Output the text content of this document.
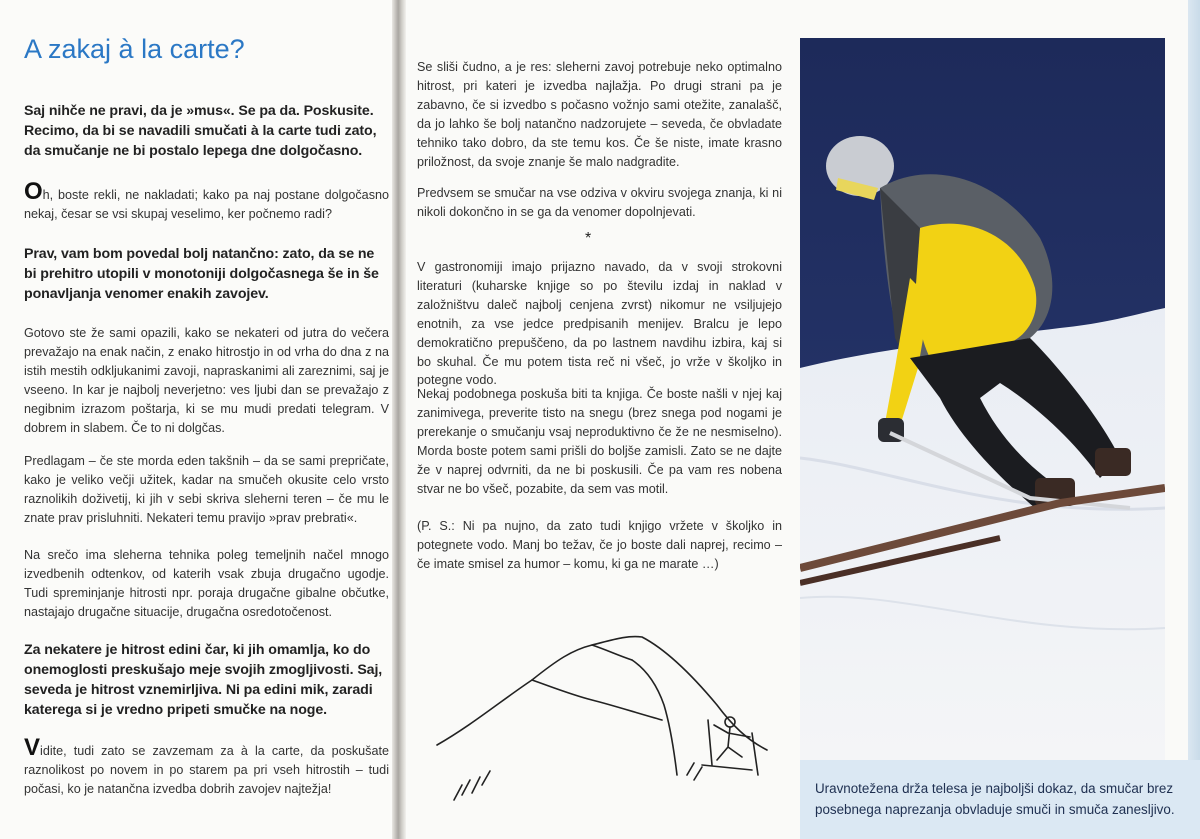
A zakaj à la carte?

Saj nihče ne pravi, da je »mus«. Se pa da. Poskusite. Recimo, da bi se navadili smučati à la carte tudi zato, da smučanje ne bi postalo lepega dne dolgočasno.

Oh, boste rekli, ne nakladati; kako pa naj postane dolgočasno nekaj, česar se vsi skupaj veselimo, ker počnemo radi?

Prav, vam bom povedal bolj natančno: zato, da se ne bi prehitro utopili v monotoniji dolgočasnega še in še ponavljanja venomer enakih zavojev.

Gotovo ste že sami opazili, kako se nekateri od jutra do večera prevažajo na enak način, z enako hitrostjo in od vrha do dna z na istih mestih odkljukanimi zavoji, napraskanimi ali zareznimi, saj je vseeno. In kar je najbolj neverjetno: ves ljubi dan se prevažajo z negibnim izrazom poštarja, ki se mu mudi predati telegram. V dobrem in slabem. Če to ni dolgčas.

Predlagam – če ste morda eden takšnih – da se sami prepričate, kako je veliko večji užitek, kadar na smučeh okusite celo vrsto raznolikih doživetij, ki jih v sebi skriva sleherni teren – če mu le znate prav prisluhniti. Nekateri temu pravijo »prav prebrati«.

Na srečo ima sleherna tehnika poleg temeljnih načel mnogo izvedbenih odtenkov, od katerih vsak zbuja drugačno ugodje. Tudi spreminjanje hitrosti npr. poraja drugačne gibalne občutke, nastajajo drugačne situacije, drugačna osredotočenost.

Za nekatere je hitrost edini čar, ki jih omamlja, ko do onemoglosti preskušajo meje svojih zmogljivosti. Saj, seveda je hitrost vznemirljiva. Ni pa edini mik, zaradi katerega si je vredno pripeti smučke na noge.

Vidite, tudi zato se zavzemam za à la carte, da poskušate raznolikost po novem in po starem pa pri vseh hitrostih – tudi počasi, ko je natančna izvedba dobrih zavojev najtežja!

Se sliši čudno, a je res: sleherni zavoj potrebuje neko optimalno hitrost, pri kateri je izvedba najlažja. Po drugi strani pa je zabavno, če si izvedbo s počasno vožnjo sami otežite, zanalašč, da jo lahko še bolj natančno nadzorujete – seveda, če obvladate tehniko tako dobro, da ste temu kos. Če še niste, imate krasno priložnost, da svoje znanje še malo nadgradite.

Predvsem se smučar na vse odziva v okviru svojega znanja, ki ni nikoli dokončno in se ga da venomer dopolnjevati.

*

V gastronomiji imajo prijazno navado, da v svoji strokovni literaturi (kuharske knjige so po številu izdaj in naklad v založništvu daleč najbolj cenjena zvrst) nikomur ne vsiljujejo enotnih, za vse jedce predpisanih menijev. Bralcu je lepo demokratično prepuščeno, da po lastnem navdihu izbira, kaj si bo skuhal. Če mu potem tista reč ni všeč, jo vrže v školjko in potegne vodo.

Nekaj podobnega poskuša biti ta knjiga. Če boste našli v njej kaj zanimivega, preverite tisto na snegu (brez snega pod nogami je prerekanje o smučanju vsaj neproduktivno če že ne nesmiselno). Morda boste potem sami prišli do boljše zamisli. Zato se ne dajte že v naprej odvrniti, da ne bi poskusili. Če pa vam res nobena stvar ne bo všeč, pozabite, da sem vas motil.

(P. S.: Ni pa nujno, da zato tudi knjigo vržete v školjko in potegnete vodo. Manj bo težav, če jo boste dali naprej, recimo – če imate smisel za humor – komu, ki ga ne marate …)

Uravnotežena drža telesa je najboljši dokaz, da smučar brez posebnega naprezanja obvladuje smuči in smuča zanesljivo.
